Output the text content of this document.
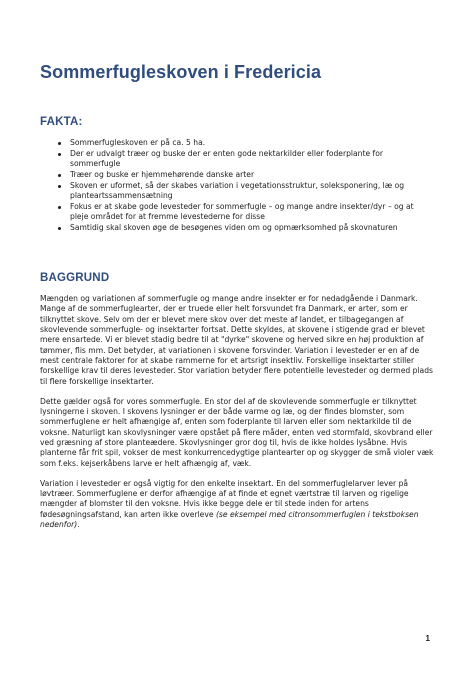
Sommerfugleskoven i Fredericia
FAKTA:
Sommerfugleskoven er på ca. 5 ha.
Der er udvalgt træer og buske der er enten gode nektarkilder eller foderplante for sommerfugle
Træer og buske er hjemmehørende danske arter
Skoven er uformet, så der skabes variation i vegetationsstruktur, soleksponering, læ og planteartssammensætning
Fokus er at skabe gode levesteder for sommerfugle – og mange andre insekter/dyr – og at pleje området for at fremme levestederne for disse
Samtidig skal skoven øge de besøgenes viden om og opmærksomhed på skovnaturen
BAGGRUND

Mængden og variationen af sommerfugle og mange andre insekter er for nedadgående i Danmark. Mange af de sommerfuglearter, der er truede eller helt forsvundet fra Danmark, er arter, som er tilknyttet skove. Selv om der er blevet mere skov over det meste af landet, er tilbagegangen af skovlevende sommerfugle- og insektarter fortsat. Dette skyldes, at skovene i stigende grad er blevet mere ensartede. Vi er blevet stadig bedre til at "dyrke" skovene og herved sikre en høj produktion af tømmer, flis mm. Det betyder, at variationen i skovene forsvinder. Variation i levesteder er en af de mest centrale faktorer for at skabe rammerne for et artsrigt insektliv. Forskellige insektarter stiller forskellige krav til deres levesteder. Stor variation betyder flere potentielle levesteder og dermed plads til flere forskellige insektarter.

Dette gælder også for vores sommerfugle. En stor del af de skovlevende sommerfugle er tilknyttet lysningerne i skoven. I skovens lysninger er der både varme og læ, og der findes blomster, som sommerfuglene er helt afhængige af, enten som foderplante til larven eller som nektarkilde til de voksne. Naturligt kan skovlysninger være opstået på flere måder, enten ved stormfald, skovbrand eller ved græsning af store planteædere. Skovlysninger gror dog til, hvis de ikke holdes lysåbne. Hvis planterne får frit spil, vokser de mest konkurrencedygtige plantearter op og skygger de små violer væk som f.eks. kejserkåbens larve er helt afhængig af, væk.

Variation i levesteder er også vigtig for den enkelte insektart. En del sommerfuglelarver lever på løvtræer. Sommerfuglene er derfor afhængige af at finde et egnet værtstræ til larven og rigelige mængder af blomster til den voksne. Hvis ikke begge dele er til stede inden for artens fødesøgningsafstand, kan arten ikke overleve (se eksempel med citronsommerfuglen i tekstboksen nedenfor).

1
